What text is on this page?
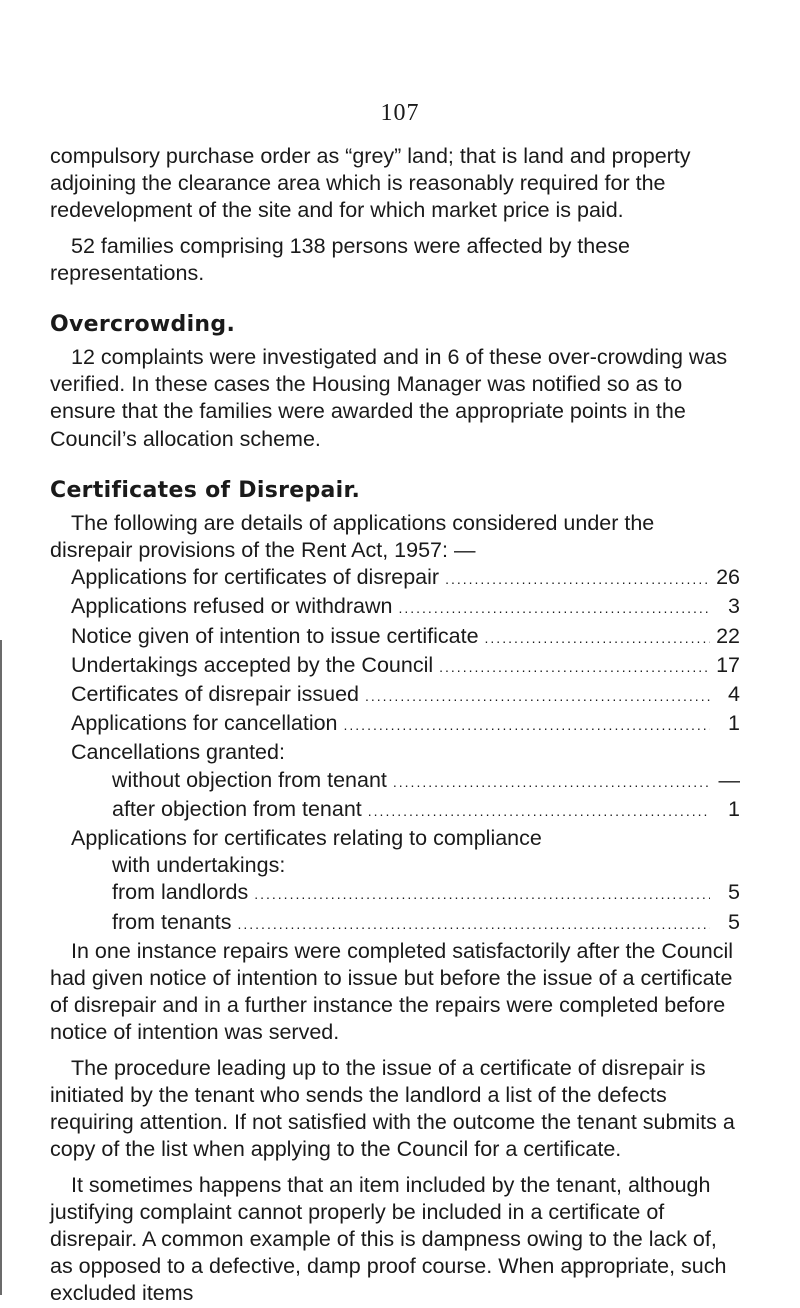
107

compulsory purchase order as “grey” land; that is land and property adjoining the clearance area which is reasonably required for the redevelopment of the site and for which market price is paid.

52 families comprising 138 persons were affected by these representations.

Overcrowding.

12 complaints were investigated and in 6 of these over-crowding was verified. In these cases the Housing Manager was notified so as to ensure that the families were awarded the appropriate points in the Council’s allocation scheme.

Certificates of Disrepair.

The following are details of applications considered under the disrepair provisions of the Rent Act, 1957: —

Applications for certificates of disrepair .....	26
Applications refused or withdrawn .....	3
Notice given of intention to issue certificate .....	22
Undertakings accepted by the Council .....	17
Certificates of disrepair issued .....	4
Applications for cancellation .....	1
Cancellations granted:
without objection from tenant .....	—
after objection from tenant .....	1
Applications for certificates relating to compliance
with undertakings:
from landlords .....	5
from tenants .....	5

In one instance repairs were completed satisfactorily after the Council had given notice of intention to issue but before the issue of a certificate of disrepair and in a further instance the repairs were completed before notice of intention was served.

The procedure leading up to the issue of a certificate of disrepair is initiated by the tenant who sends the landlord a list of the defects requiring attention. If not satisfied with the outcome the tenant submits a copy of the list when applying to the Council for a certificate.

It sometimes happens that an item included by the tenant, although justifying complaint cannot properly be included in a certificate of disrepair. A common example of this is dampness owing to the lack of, as opposed to a defective, damp proof course. When appropriate, such excluded items
